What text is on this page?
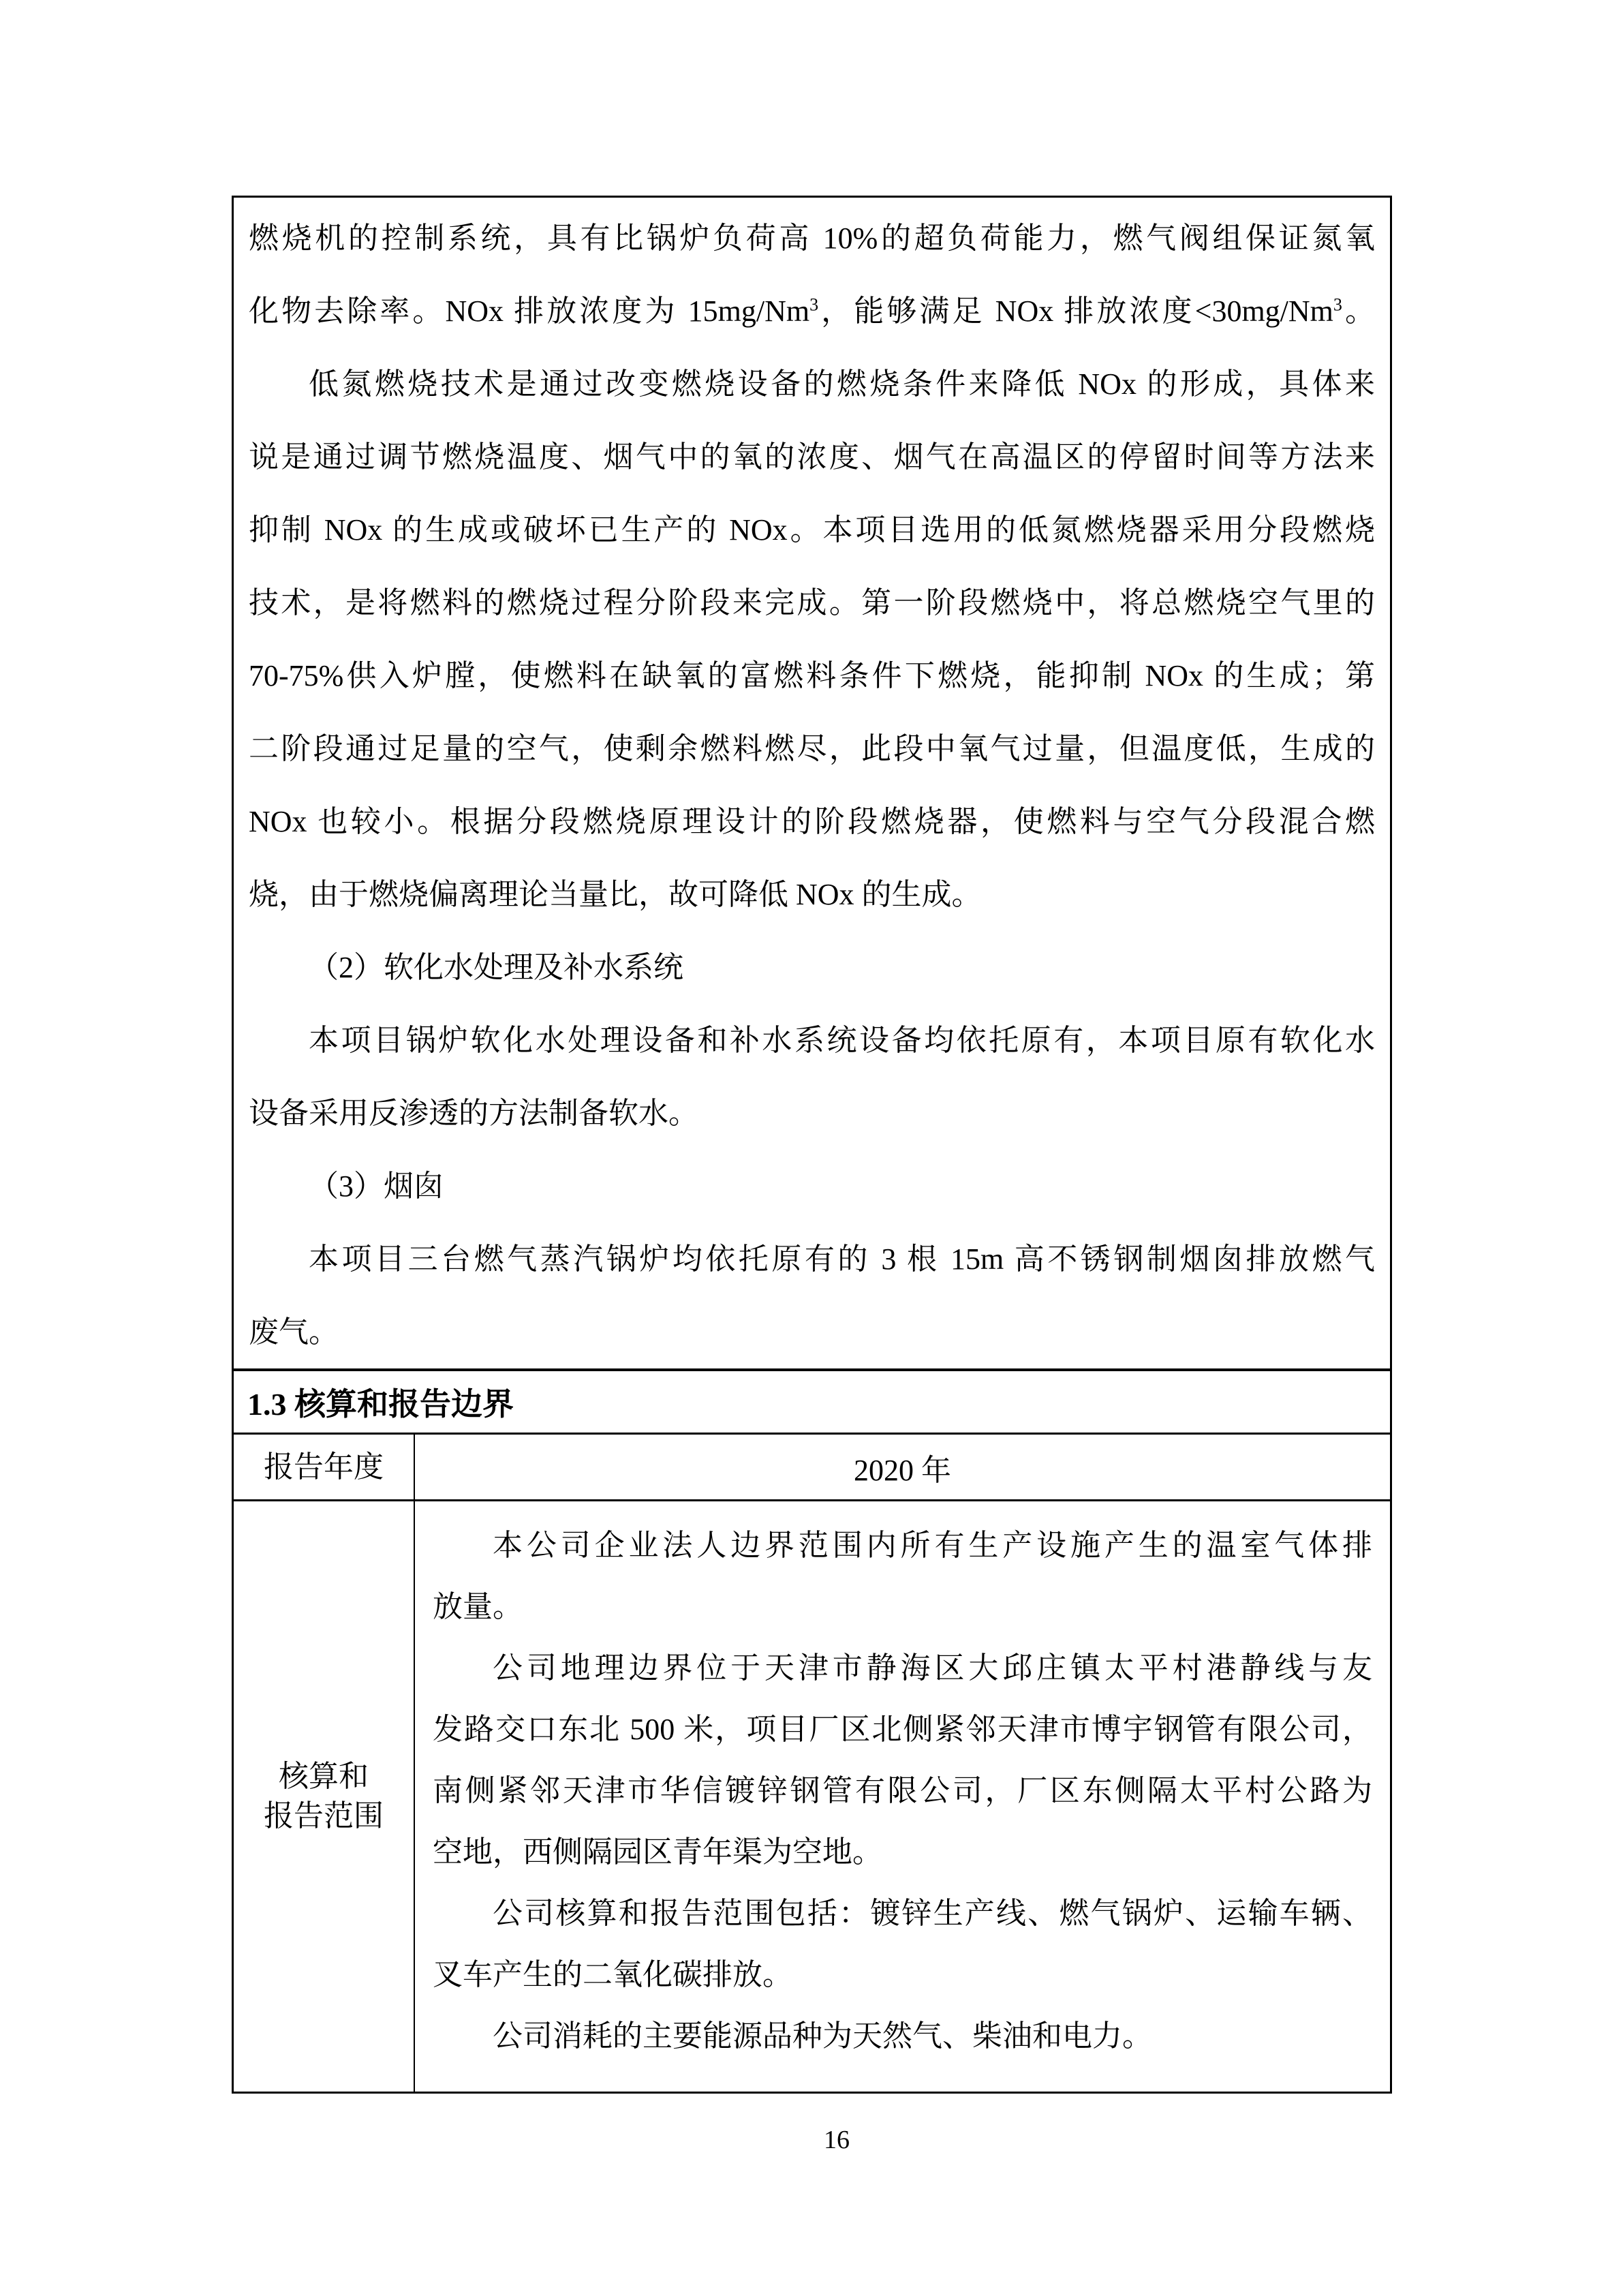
燃烧机的控制系统，具有比锅炉负荷高 10%的超负荷能力，燃气阀组保证氮氧
化物去除率。NOx 排放浓度为 15mg/Nm$^3$，能够满足 NOx 排放浓度$<30mg/Nm^3$。
低氮燃烧技术是通过改变燃烧设备的燃烧条件来降低 NOx 的形成，具体来
说是通过调节燃烧温度、烟气中的氧的浓度、烟气在高温区的停留时间等方法来
抑制 NOx 的生成或破坏已生产的 NOx。本项目选用的低氮燃烧器采用分段燃烧
技术，是将燃料的燃烧过程分阶段来完成。第一阶段燃烧中，将总燃烧空气里的
70-75%供入炉膛，使燃料在缺氧的富燃料条件下燃烧，能抑制 NOx 的生成；第
二阶段通过足量的空气，使剩余燃料燃尽，此段中氧气过量，但温度低，生成的
NOx 也较小。根据分段燃烧原理设计的阶段燃烧器，使燃料与空气分段混合燃
烧，由于燃烧偏离理论当量比，故可降低 NOx 的生成。
（2）软化水处理及补水系统
本项目锅炉软化水处理设备和补水系统设备均依托原有，本项目原有软化水
设备采用反渗透的方法制备软水。
（3）烟囱
本项目三台燃气蒸汽锅炉均依托原有的 3 根 15m 高不锈钢制烟囱排放燃气
废气。
1.3 核算和报告边界
报告年度	2020 年
核算和
报告范围
本公司企业法人边界范围内所有生产设施产生的温室气体排
放量。
公司地理边界位于天津市静海区大邱庄镇太平村港静线与友
发路交口东北 500 米，项目厂区北侧紧邻天津市博宇钢管有限公司，
南侧紧邻天津市华信镀锌钢管有限公司，厂区东侧隔太平村公路为
空地，西侧隔园区青年渠为空地。
公司核算和报告范围包括：镀锌生产线、燃气锅炉、运输车辆、
叉车产生的二氧化碳排放。
公司消耗的主要能源品种为天然气、柴油和电力。
16
